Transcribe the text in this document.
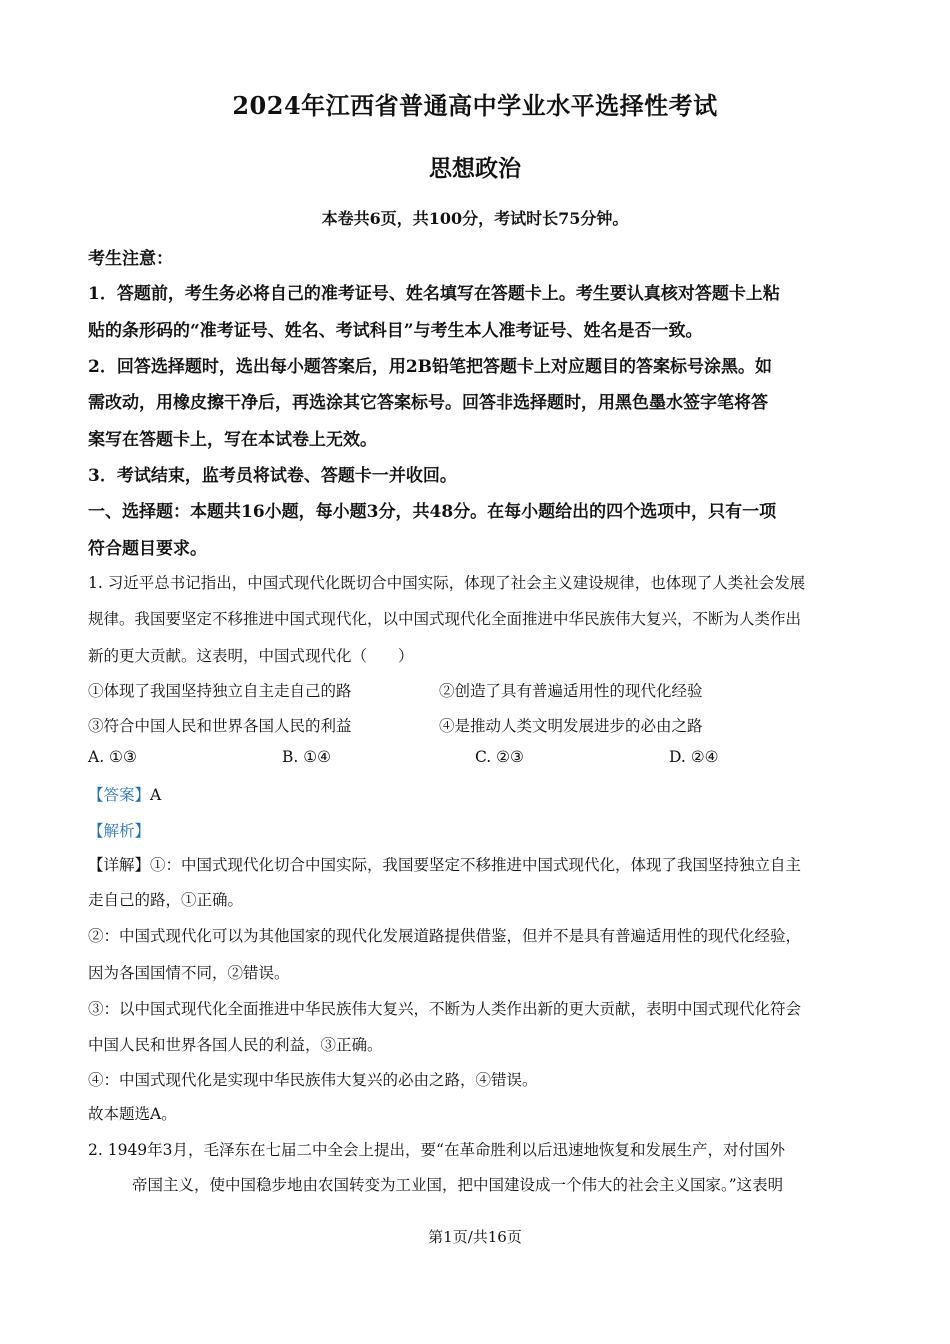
2024年江西省普通高中学业水平选择性考试
思想政治
本卷共6页，共100分，考试时长75分钟。
考生注意：
1．答题前，考生务必将自己的准考证号、姓名填写在答题卡上。考生要认真核对答题卡上粘
贴的条形码的“准考证号、姓名、考试科目”与考生本人准考证号、姓名是否一致。
2．回答选择题时，选出每小题答案后，用2B铅笔把答题卡上对应题目的答案标号涂黑。如
需改动，用橡皮擦干净后，再选涂其它答案标号。回答非选择题时，用黑色墨水签字笔将答
案写在答题卡上，写在本试卷上无效。
3．考试结束，监考员将试卷、答题卡一并收回。
一、选择题：本题共16小题，每小题3分，共48分。在每小题给出的四个选项中，只有一项
符合题目要求。
1. 习近平总书记指出，中国式现代化既切合中国实际，体现了社会主义建设规律，也体现了人类社会发展
规律。我国要坚定不移推进中国式现代化，以中国式现代化全面推进中华民族伟大复兴，不断为人类作出
新的更大贡献。这表明，中国式现代化（　　）
①体现了我国坚持独立自主走自己的路	②创造了具有普遍适用性的现代化经验
③符合中国人民和世界各国人民的利益	④是推动人类文明发展进步的必由之路
A. ①③	B. ①④	C. ②③	D. ②④
【答案】A
【解析】
【详解】①：中国式现代化切合中国实际，我国要坚定不移推进中国式现代化，体现了我国坚持独立自主
走自己的路，①正确。
②：中国式现代化可以为其他国家的现代化发展道路提供借鉴，但并不是具有普遍适用性的现代化经验，
因为各国国情不同，②错误。
③：以中国式现代化全面推进中华民族伟大复兴，不断为人类作出新的更大贡献，表明中国式现代化符会
中国人民和世界各国人民的利益，③正确。
④：中国式现代化是实现中华民族伟大复兴的必由之路，④错误。
故本题选A。
2. 1949年3月，毛泽东在七届二中全会上提出，要“在革命胜利以后迅速地恢复和发展生产，对付国外
帝国主义，使中国稳步地由农国转变为工业国，把中国建设成一个伟大的社会主义国家。”这表明
第1页/共16页
